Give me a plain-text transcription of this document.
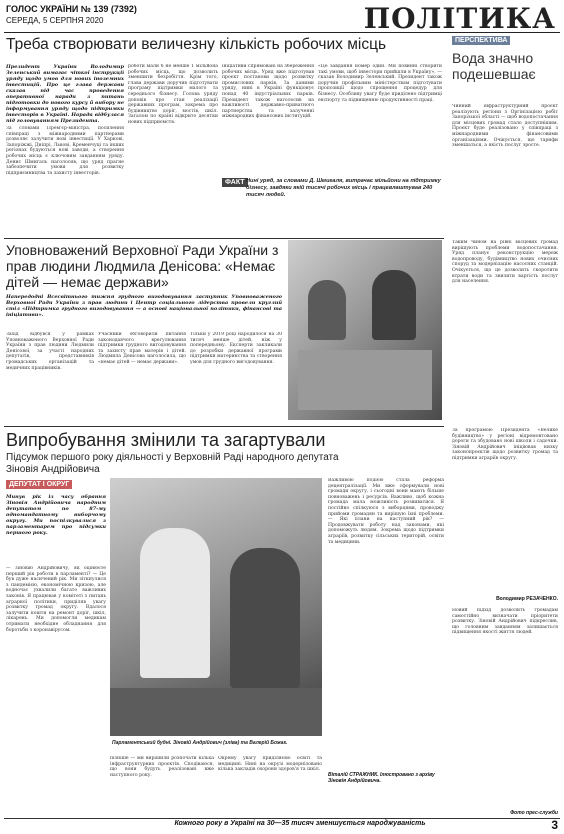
ГОЛОС УКРАЇНИ № 139 (7392)
СЕРЕДА, 5 СЕРПНЯ 2020	ПОЛІТИКА
Треба створювати величезну кількість робочих місць
Президент України Володимир Зеленський вимагає чіткої інструкції уряду щодо умов для нових іноземних інвестицій. Про це глава держави сказав під час проведення оперативної наради з питань підготовки до нового курсу й вибору не інформування уряду щодо підтримки інвесторів в Україні. Нарада відбулася під головуванням Президента.
За словами Прем'єр-міністра, посилення співпраці з міжнародними партнерами дозволяє залучити нові інвестиції. У Харкові, Запоріжжі, Дніпрі, Львові, Кременчуці та інших регіонах будуються нові заводи, а створення робочих місць є ключовим завданням уряду. Денис Шмигаль наголосив, що уряд прагне забезпечити умови для розвитку підприємництва та захисту інвесторів.
роботи мали б не менше 1 мільйона робочих місць, що дозволить зменшити безробіття. Крім того, глава держави доручив підготувати програму підтримки малого та середнього бізнесу. Голова уряду доповів про стан реалізації державних програм, зокрема про будівництво доріг, мостів, шкіл. Загалом по країні відкрито десятки нових підприємств.
ініціативи спрямовані на збереження робочих місць. Уряд вже підготував проєкт постанови щодо розвитку промислових парків. За даними уряду, нині в Україні функціонує понад 40 індустріальних парків. Президент також наголосив на важливості державно-приватного партнерства та залученні міжнародних фінансових інституцій.
«Це завдання номер один. Ми повинні створити такі умови, щоб інвестори прийшли в Україну», — сказав Володимир Зеленський. Президент також доручив профільним міністерствам підготувати пропозиції щодо спрощення процедур для бізнесу. Особливу увагу буде приділено підтримці експорту та підвищенню продуктивності праці.
ФАКТ Нині уряд, за словами Д. Шмигаля, витрачає мільйони на підтримку бізнесу, завдяки якій тисячі робочих місць і працевлаштував 240 тисяч людей.
ПЕРСПЕКТИВА
Вода значно подешевшає
Чинний інфраструктурний проєкт реалізують регіони з Оргінізацією робіт Запорізької області — щоб водопостачання для місцевих громад стало доступнішим. Проєкт буде реалізовано у співпраці з міжнародними фінансовими організаціями. Очікується, що тарифи зменшаться, а якість послуг зросте.
Уповноважений Верховної Ради України з прав людини Людмила Денісова: «Немає дітей — немає держави»
Напередодні Всесвітнього тижня грудного вигодовування заступник Уповноваженого Верховної Ради України з прав людини і Центр соціального лідерства провели круглий стіл «Підтримка грудного вигодовування — а основі національної політики, фінансові та ініціативи».
Захід відбувся у рамках Уповноваженого Верховної Ради України з прав людини Людмили Денісової, за участі народних депутатів, представників громадських організацій та медичних працівників.
Учасники обговорили питання законодавчого врегулювання підтримки грудного вигодовування та захисту прав матерів і дітей. Людмила Денісова наголосила, що «немає дітей — немає держави».
Тільки у 2019 році народилося на 30 тисяч менше дітей, ніж у попередньому. Експерти закликали до розробки державної програми підтримки материнства та створення умов для грудного вигодовування.
Таким чином на рівні місцевих громад вирішують проблеми водопостачання. Уряд планує реконструкцію мереж водопроводу, будівництво нових очисних споруд та модернізацію насосних станцій. Очікується, що це дозволить скоротити втрати води та знизити вартість послуг для населення.
За програмою Президента «Велике будівництво» у регіоні відремонтовано дороги та збудовано нові школи і садочки. Зіновій Андрійович ініціював низку законопроєктів щодо розвитку громад та підтримки аграріїв округу.
Випробування змінили та загартували
Підсумок першого року діяльності у Верховній Раді народного депутата Зіновія Андрійовича
ДЕПУТАТ І ОКРУГ
Минув рік із часу обрання Зіновія Андрійовича народним депутатом по 87-му одномандатному виборчому округу. Ми поспілкувалися з парламентарем про підсумки першого року.
— Зіновію Андрійовичу, як оцінюєте перший рік роботи в парламенті? — Це був дуже насичений рік. Ми зіткнулися з пандемією, економічною кризою, але водночас ухвалили багато важливих законів. Я працював у комітеті з питань аграрної політики, приділяв увагу розвитку громад округу. Вдалося залучити кошти на ремонт доріг, шкіл, лікарень. Ми допомогли медикам отримати необхідне обладнання для боротьби з коронавірусом.
Парламентський будні. Зіновій Андрійович (зліва) та Валерій Божак.
пізніше — ми вирішили розпочати кілька інфраструктурних проєктів. Сподіваюся, що вони будуть реалізовані вже наступного року.
Окрему увагу приділяємо освіті та медицині. Нині на окрузі модернізовано кілька закладів охорони здоров'я та шкіл.
Важливою подією стала реформа децентралізації. Ми вже сформували нові громади округу, і сьогодні вони мають більше повноважень і ресурсів. Важливо, щоб кожна громада мала можливість розвиватися. Я постійно спілкуюся з виборцями, проводжу прийоми громадян та вирішую їхні проблеми. — Які плани на наступний рік? — Продовжувати роботу над законами, які допоможуть людям. Зокрема щодо підтримки аграріїв, розвитку сільських територій, освіти та медицини.
Віталій СТРАЖНИК. Ілюстровано з архіву Зіновія Андрійовича.
Володимир РЕЗАЧЕНКО.
Новий підхід дозволить громадам самостійно визначати пріоритети розвитку. Зіновій Андрійович підкреслив, що головним завданням залишається підвищення якості життя людей.
Фото прес-служби
Кожного року в Україні на 30—35 тисяч зменшується народжуваність	3
